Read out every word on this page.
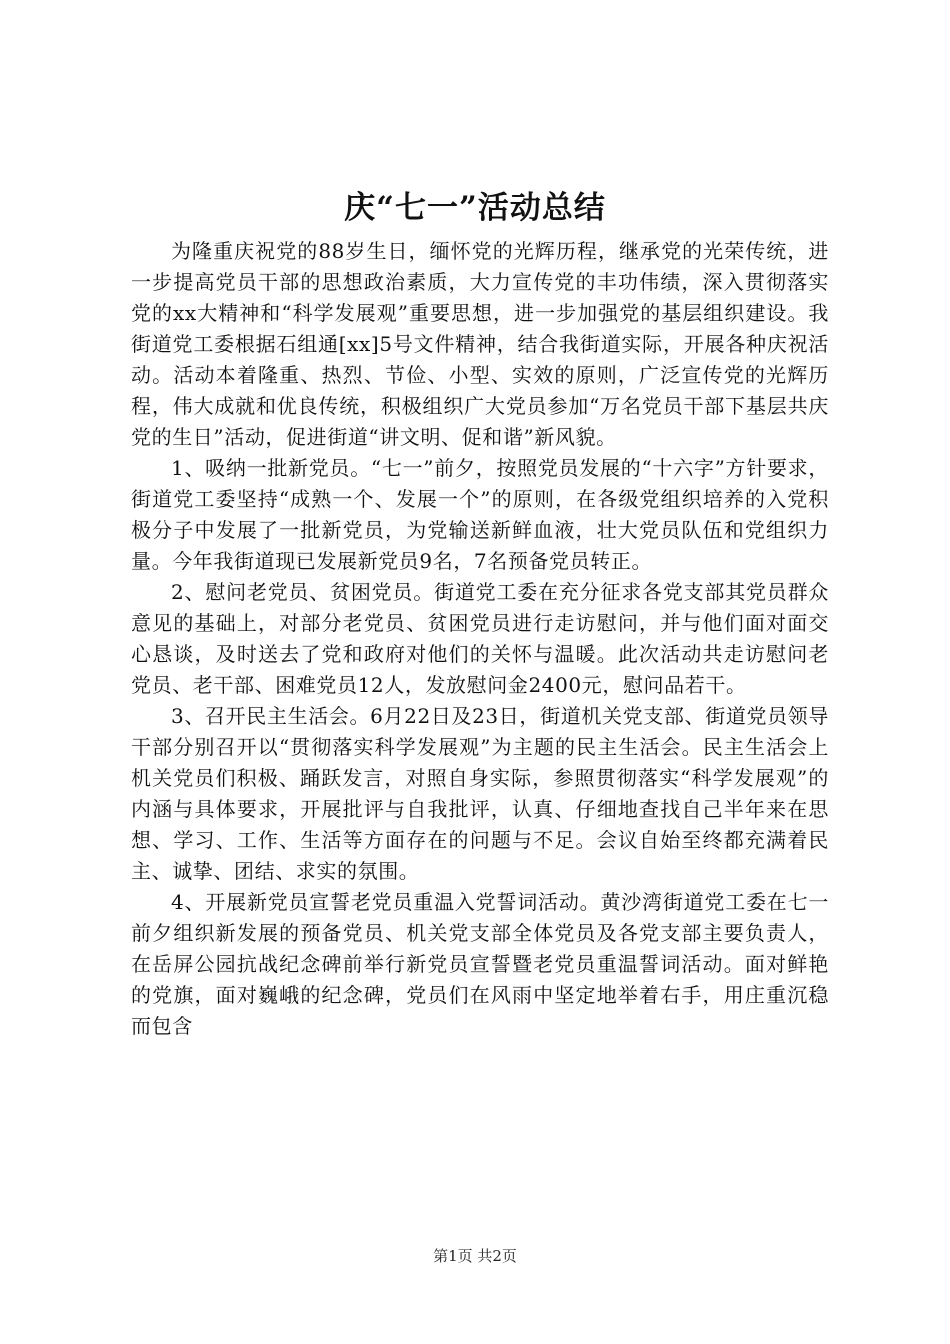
庆“七一”活动总结

为隆重庆祝党的88岁生日，缅怀党的光辉历程，继承党的光荣传统，进一步提高党员干部的思想政治素质，大力宣传党的丰功伟绩，深入贯彻落实党的xx大精神和“科学发展观”重要思想，进一步加强党的基层组织建设。我街道党工委根据石组通[xx]5号文件精神，结合我街道实际，开展各种庆祝活动。活动本着隆重、热烈、节俭、小型、实效的原则，广泛宣传党的光辉历程，伟大成就和优良传统，积极组织广大党员参加“万名党员干部下基层共庆党的生日”活动，促进街道“讲文明、促和谐”新风貌。

1、吸纳一批新党员。“七一”前夕，按照党员发展的“十六字”方针要求，街道党工委坚持“成熟一个、发展一个”的原则，在各级党组织培养的入党积极分子中发展了一批新党员，为党输送新鲜血液，壮大党员队伍和党组织力量。今年我街道现已发展新党员9名，7名预备党员转正。

2、慰问老党员、贫困党员。街道党工委在充分征求各党支部其党员群众意见的基础上，对部分老党员、贫困党员进行走访慰问，并与他们面对面交心恳谈，及时送去了党和政府对他们的关怀与温暖。此次活动共走访慰问老党员、老干部、困难党员12人，发放慰问金2400元，慰问品若干。

3、召开民主生活会。6月22日及23日，街道机关党支部、街道党员领导干部分别召开以“贯彻落实科学发展观”为主题的民主生活会。民主生活会上机关党员们积极、踊跃发言，对照自身实际，参照贯彻落实“科学发展观”的内涵与具体要求，开展批评与自我批评，认真、仔细地查找自己半年来在思想、学习、工作、生活等方面存在的问题与不足。会议自始至终都充满着民主、诚挚、团结、求实的氛围。

4、开展新党员宣誓老党员重温入党誓词活动。黄沙湾街道党工委在七一前夕组织新发展的预备党员、机关党支部全体党员及各党支部主要负责人，在岳屏公园抗战纪念碑前举行新党员宣誓暨老党员重温誓词活动。面对鲜艳的党旗，面对巍峨的纪念碑，党员们在风雨中坚定地举着右手，用庄重沉稳而包含

第1页 共2页
